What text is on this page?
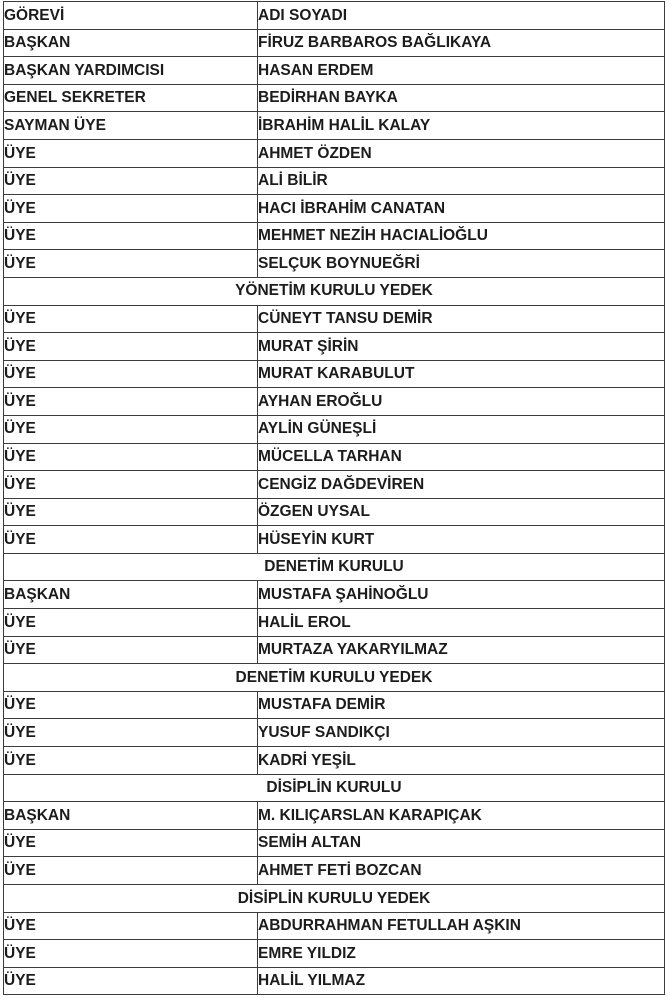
GÖREVİ	ADI SOYADI
BAŞKAN	FİRUZ BARBAROS BAĞLIKAYA
BAŞKAN YARDIMCISI	HASAN ERDEM
GENEL SEKRETER	BEDİRHAN BAYKA
SAYMAN ÜYE	İBRAHİM HALİL KALAY
ÜYE	AHMET ÖZDEN
ÜYE	ALİ BİLİR
ÜYE	HACI İBRAHİM CANATAN
ÜYE	MEHMET NEZİH HACIALİOĞLU
ÜYE	SELÇUK BOYNUEĞRİ
YÖNETİM KURULU YEDEK	
ÜYE	CÜNEYT TANSU DEMİR
ÜYE	MURAT ŞİRİN
ÜYE	MURAT KARABULUT
ÜYE	AYHAN EROĞLU
ÜYE	AYLİN GÜNEŞLİ
ÜYE	MÜCELLA TARHAN
ÜYE	CENGİZ DAĞDEVİREN
ÜYE	ÖZGEN UYSAL
ÜYE	HÜSEYİN KURT
DENETİM KURULU	
BAŞKAN	MUSTAFA ŞAHİNOĞLU
ÜYE	HALİL EROL
ÜYE	MURTAZA YAKARYILMAZ
DENETİM KURULU YEDEK	
ÜYE	MUSTAFA DEMİR
ÜYE	YUSUF SANDIKÇI
ÜYE	KADRİ YEŞİL
DİSİPLİN KURULU	
BAŞKAN	M. KILIÇARSLAN KARAPIÇAK
ÜYE	SEMİH ALTAN
ÜYE	AHMET FETİ BOZCAN
DİSİPLİN KURULU YEDEK	
ÜYE	ABDURRAHMAN FETULLAH AŞKIN
ÜYE	EMRE YILDIZ
ÜYE	HALİL YILMAZ
